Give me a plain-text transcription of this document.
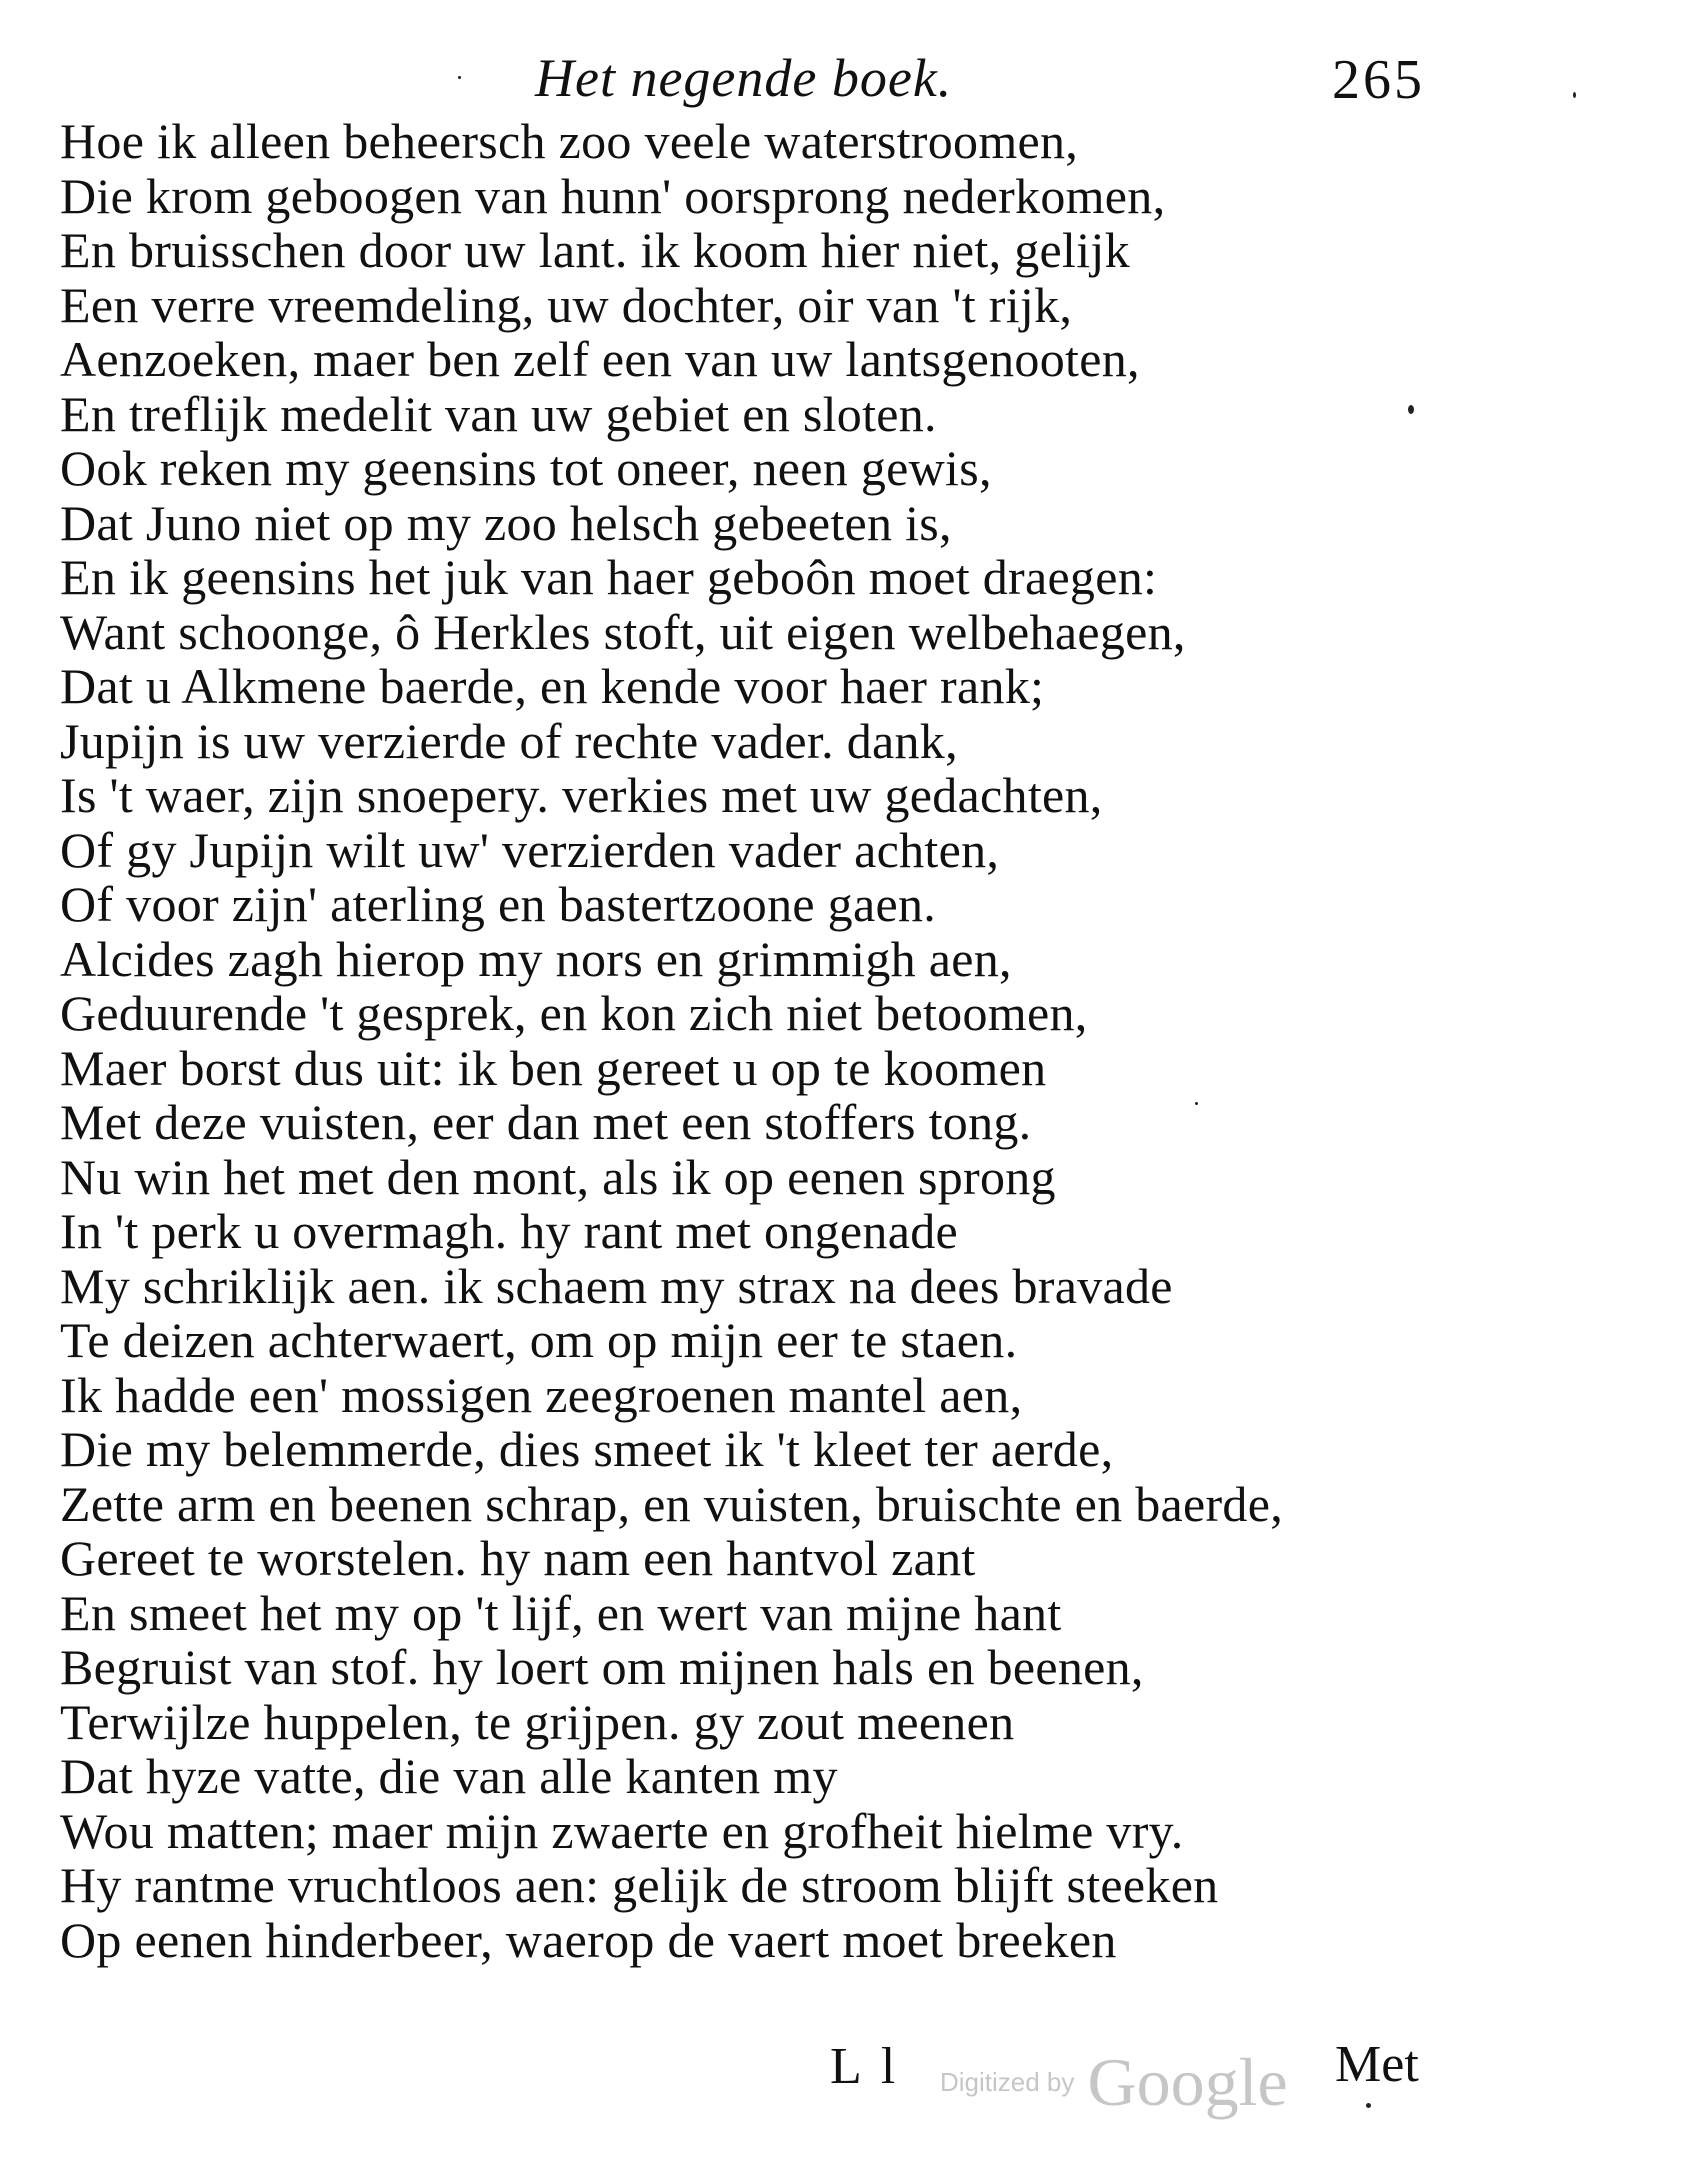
Het negende boek.	265
Hoe ik alleen beheersch zoo veele waterstroomen,
Die krom geboogen van hunn' oorsprong nederkomen,
En bruisschen door uw lant. ik koom hier niet, gelijk
Een verre vreemdeling, uw dochter, oir van 't rijk,
Aenzoeken, maer ben zelf een van uw lantsgenooten,
En treflijk medelit van uw gebiet en sloten.
Ook reken my geensins tot oneer, neen gewis,
Dat Juno niet op my zoo helsch gebeeten is,
En ik geensins het juk van haer geboôn moet draegen:
Want schoonge, ô Herkles stoft, uit eigen welbehaegen,
Dat u Alkmene baerde, en kende voor haer rank;
Jupijn is uw verzierde of rechte vader. dank,
Is 't waer, zijn snoepery. verkies met uw gedachten,
Of gy Jupijn wilt uw' verzierden vader achten,
Of voor zijn' aterling en bastertzoone gaen.
Alcides zagh hierop my nors en grimmigh aen,
Geduurende 't gesprek, en kon zich niet betoomen,
Maer borst dus uit: ik ben gereet u op te koomen
Met deze vuisten, eer dan met een stoffers tong.
Nu win het met den mont, als ik op eenen sprong
In 't perk u overmagh. hy rant met ongenade
My schriklijk aen. ik schaem my strax na dees bravade
Te deizen achterwaert, om op mijn eer te staen.
Ik hadde een' mossigen zeegroenen mantel aen,
Die my belemmerde, dies smeet ik 't kleet ter aerde,
Zette arm en beenen schrap, en vuisten, bruischte en baerde,
Gereet te worstelen. hy nam een hantvol zant
En smeet het my op 't lijf, en wert van mijne hant
Begruist van stof. hy loert om mijnen hals en beenen,
Terwijlze huppelen, te grijpen. gy zout meenen
Dat hyze vatte, die van alle kanten my
Wou matten; maer mijn zwaerte en grofheit hielme vry.
Hy rantme vruchtloos aen: gelijk de stroom blijft steeken
Op eenen hinderbeer, waerop de vaert moet breeken
L l Digitized by Google Met
